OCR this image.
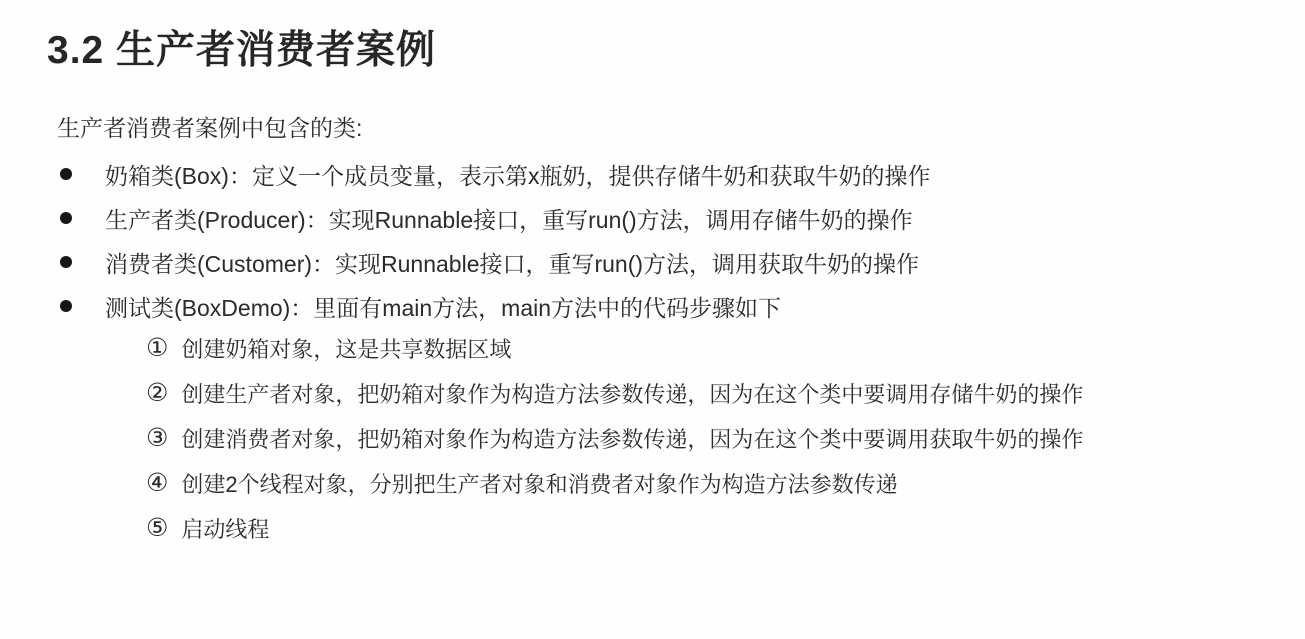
3.2 生产者消费者案例
生产者消费者案例中包含的类:
奶箱类(Box)：定义一个成员变量，表示第x瓶奶，提供存储牛奶和获取牛奶的操作
生产者类(Producer)：实现Runnable接口，重写run()方法，调用存储牛奶的操作
消费者类(Customer)：实现Runnable接口，重写run()方法，调用获取牛奶的操作
测试类(BoxDemo)：里面有main方法，main方法中的代码步骤如下
① 创建奶箱对象，这是共享数据区域
② 创建生产者对象，把奶箱对象作为构造方法参数传递，因为在这个类中要调用存储牛奶的操作
③ 创建消费者对象，把奶箱对象作为构造方法参数传递，因为在这个类中要调用获取牛奶的操作
④ 创建2个线程对象，分别把生产者对象和消费者对象作为构造方法参数传递
⑤ 启动线程
